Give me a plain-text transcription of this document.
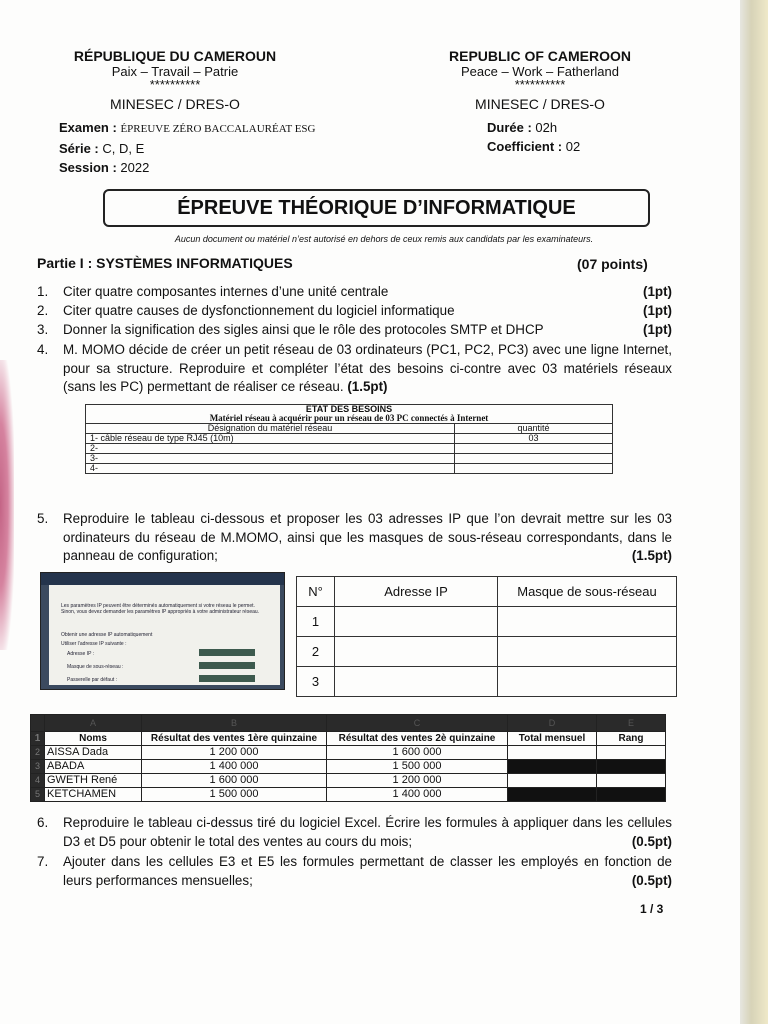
RÉPUBLIQUE DU CAMEROUN
Paix – Travail – Patrie
**********
MINESEC / DRES-O
REPUBLIC OF CAMEROON
Peace – Work – Fatherland
**********
MINESEC / DRES-O
Examen : ÉPREUVE ZÉRO BACCALAURÉAT ESG
Série : C, D, E
Session : 2022
Durée : 02h
Coefficient : 02
ÉPREUVE THÉORIQUE D’INFORMATIQUE
Aucun document ou matériel n’est autorisé en dehors de ceux remis aux candidats par les examinateurs.
Partie I : SYSTÈMES INFORMATIQUES	(07 points)
1. Citer quatre composantes internes d’une unité centrale	(1pt)
2. Citer quatre causes de dysfonctionnement du logiciel informatique	(1pt)
3. Donner la signification des sigles ainsi que le rôle des protocoles SMTP et DHCP	(1pt)
4. M. MOMO décide de créer un petit réseau de 03 ordinateurs (PC1, PC2, PC3) avec une ligne Internet, pour sa structure. Reproduire et compléter l’état des besoins ci-contre avec 03 matériels réseaux (sans les PC) permettant de réaliser ce réseau. (1.5pt)
ETAT DES BESOINS	
Matériel réseau à acquérir pour un réseau de 03 PC connectés à Internet	
Désignation du matériel réseau	quantité
1- câble réseau de type RJ45 (10m)	03
2-	
3-	
4-	
5. Reproduire le tableau ci-dessous et proposer les 03 adresses IP que l’on devrait mettre sur les 03 ordinateurs du réseau de M.MOMO, ainsi que les masques de sous-réseau correspondants, dans le panneau de configuration;	(1.5pt)
Les paramètres IP peuvent être déterminés automatiquement si votre réseau le permet. Sinon, vous devez demander les paramètres IP appropriés à votre administrateur réseau.
Obtenir une adresse IP automatiquement
Utiliser l’adresse IP suivante :
Adresse IP :
Masque de sous-réseau :
Passerelle par défaut :
N°	Adresse IP	Masque de sous-réseau
1		
2		
3		
	A	B	C	D	E
1	Noms	Résultat des ventes 1ère quinzaine	Résultat des ventes 2è quinzaine	Total mensuel	Rang
2	AISSA Dada	1 200 000	1 600 000		
3	ABADA	1 400 000	1 500 000		
4	GWETH René	1 600 000	1 200 000		
5	KETCHAMEN	1 500 000	1 400 000		
6. Reproduire le tableau ci-dessus tiré du logiciel Excel. Écrire les formules à appliquer dans les cellules D3 et D5 pour obtenir le total des ventes au cours du mois;	(0.5pt)
7. Ajouter dans les cellules E3 et E5 les formules permettant de classer les employés en fonction de leurs performances mensuelles;	(0.5pt)
1 / 3
